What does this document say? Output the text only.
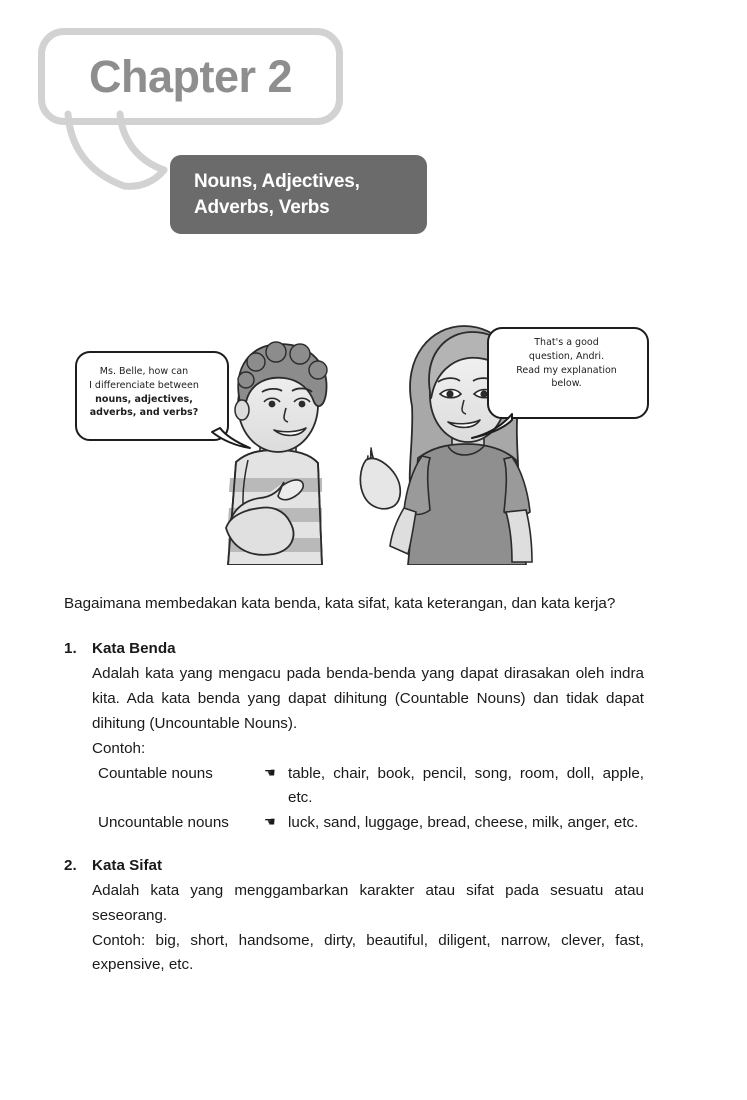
Chapter 2
Nouns, Adjectives,
Adverbs, Verbs
Ms. Belle, how can
I differenciate between
nouns, adjectives,
adverbs, and verbs?
That's a good
question, Andri.
Read my explanation
below.

Bagaimana membedakan kata benda, kata sifat, kata keterangan, dan kata kerja?

1.	Kata Benda

Adalah kata yang mengacu pada benda-benda yang dapat dirasakan oleh indra kita. Ada kata benda yang dapat dihitung (Countable Nouns) dan tidak dapat dihitung (Uncountable Nouns).

Contoh:
Countable nouns	☚ table, chair, book, pencil, song, room, doll, apple, etc.
Uncountable nouns	☚ luck, sand, luggage, bread, cheese, milk, anger, etc.
2.	Kata Sifat

Adalah kata yang menggambarkan karakter atau sifat pada sesuatu atau seseorang.

Contoh: big, short, handsome, dirty, beautiful, diligent, narrow, clever, fast, expensive, etc.
